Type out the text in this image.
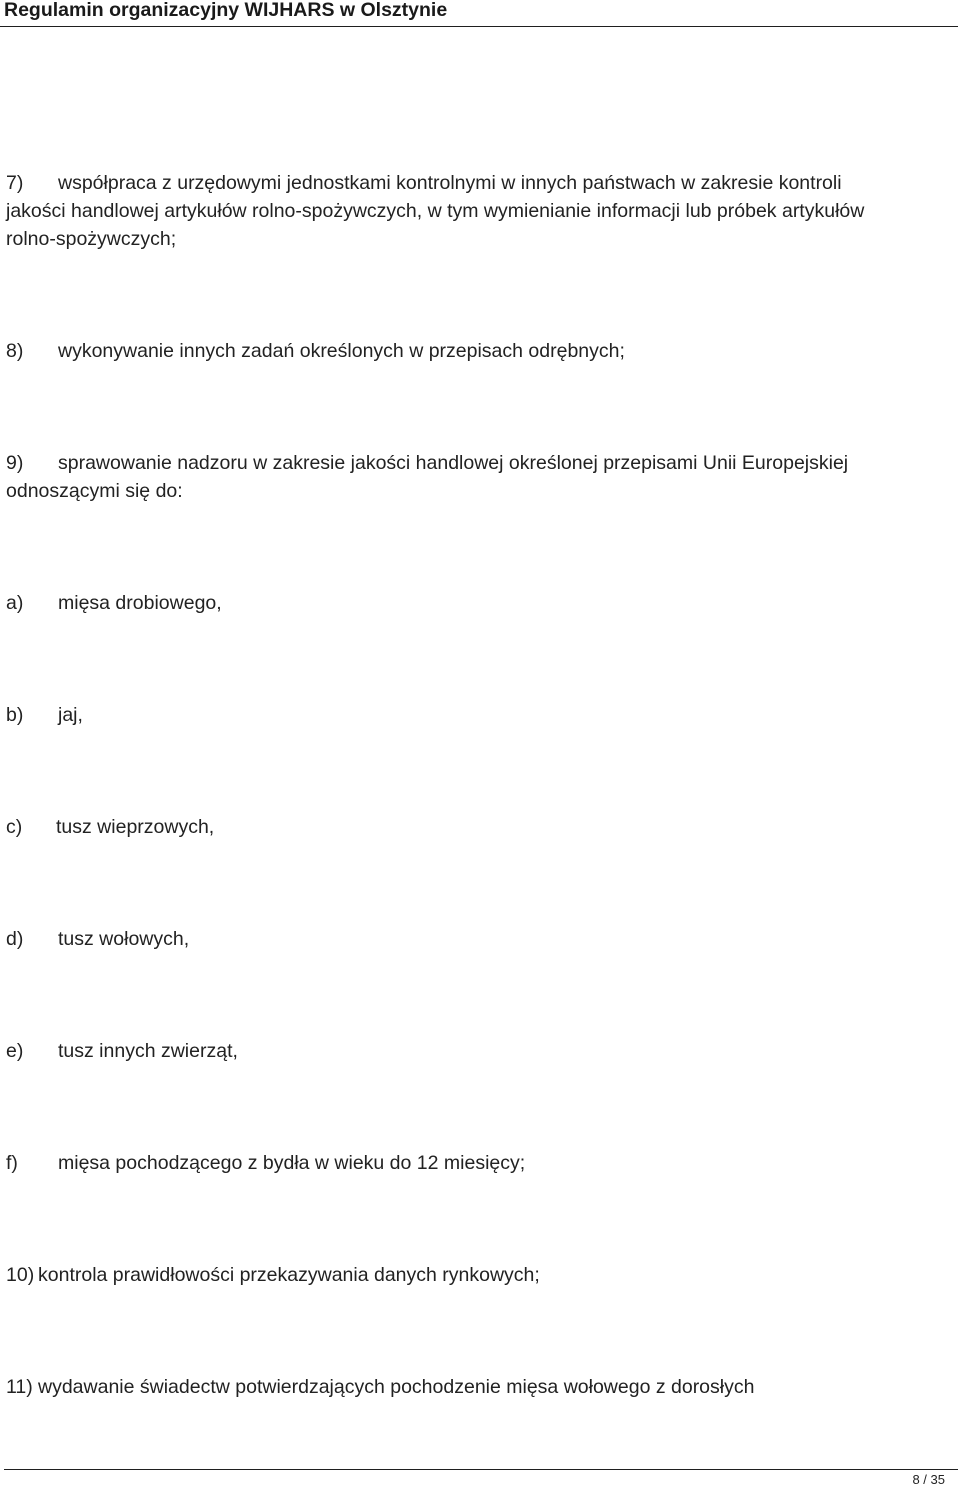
Regulamin organizacyjny WIJHARS w Olsztynie
7)	współpraca z urzędowymi jednostkami kontrolnymi w innych państwach w zakresie kontroli jakości handlowej artykułów rolno-spożywczych, w tym wymienianie informacji lub próbek artykułów rolno-spożywczych;
8)	wykonywanie innych zadań określonych w przepisach odrębnych;
9)	sprawowanie nadzoru w zakresie jakości handlowej określonej przepisami Unii Europejskiej odnoszącymi się do:
a)	mięsa drobiowego,
b)	jaj,
c)	tusz wieprzowych,
d)	tusz wołowych,
e)	tusz innych zwierząt,
f)	mięsa pochodzącego z bydła w wieku do 12 miesięcy;
10) kontrola prawidłowości przekazywania danych rynkowych;
11) wydawanie świadectw potwierdzających pochodzenie mięsa wołowego z dorosłych
8 / 35
